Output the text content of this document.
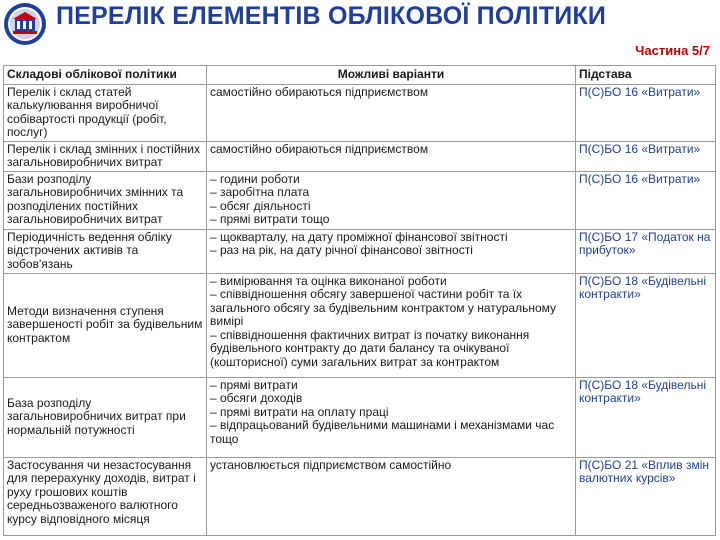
ПЕРЕЛІК ЕЛЕМЕНТІВ ОБЛІКОВОЇ ПОЛІТИКИ
Частина 5/7
Складові облікової політики	Можливі варіанти	Підстава
Перелік і склад статей калькулювання виробничої собівартості продукції (робіт, послуг)	самостійно обираються підприємством	П(С)БО 16 «Витрати»
Перелік і склад змінних і постійних загальновиробничих витрат	самостійно обираються підприємством	П(С)БО 16 «Витрати»
Бази розподілу загальновиробничих змінних та розподілених постійних загальновиробничих витрат	– години роботи
– заробітна плата
– обсяг діяльності
– прямі витрати тощо	П(С)БО 16 «Витрати»
Періодичність ведення обліку відстрочених активів та зобов'язань	– щокварталу, на дату проміжної фінансової звітності
– раз на рік, на дату річної фінансової звітності	П(С)БО 17 «Податок на прибуток»
Методи визначення ступеня завершеності робіт за будівельним контрактом	– вимірювання та оцінка виконаної роботи
– співвідношення обсягу завершеної частини робіт та їх загального обсягу за будівельним контрактом у натуральному вимірі
– співвідношення фактичних витрат із початку виконання будівельного контракту до дати балансу та очікуваної (кошторисної) суми загальних витрат за контрактом	П(С)БО 18 «Будівельні контракти»
База розподілу загальновиробничих витрат при нормальній потужності	– прямі витрати
– обсяги доходів
– прямі витрати на оплату праці
– відпрацьований будівельними машинами і механізмами час
тощо	П(С)БО 18 «Будівельні контракти»
Застосування чи незастосування для перерахунку доходів, витрат і руху грошових коштів середньозваженого валютного курсу відповідного місяця	установлюється підприємством самостійно	П(С)БО 21 «Вплив змін валютних курсів»
